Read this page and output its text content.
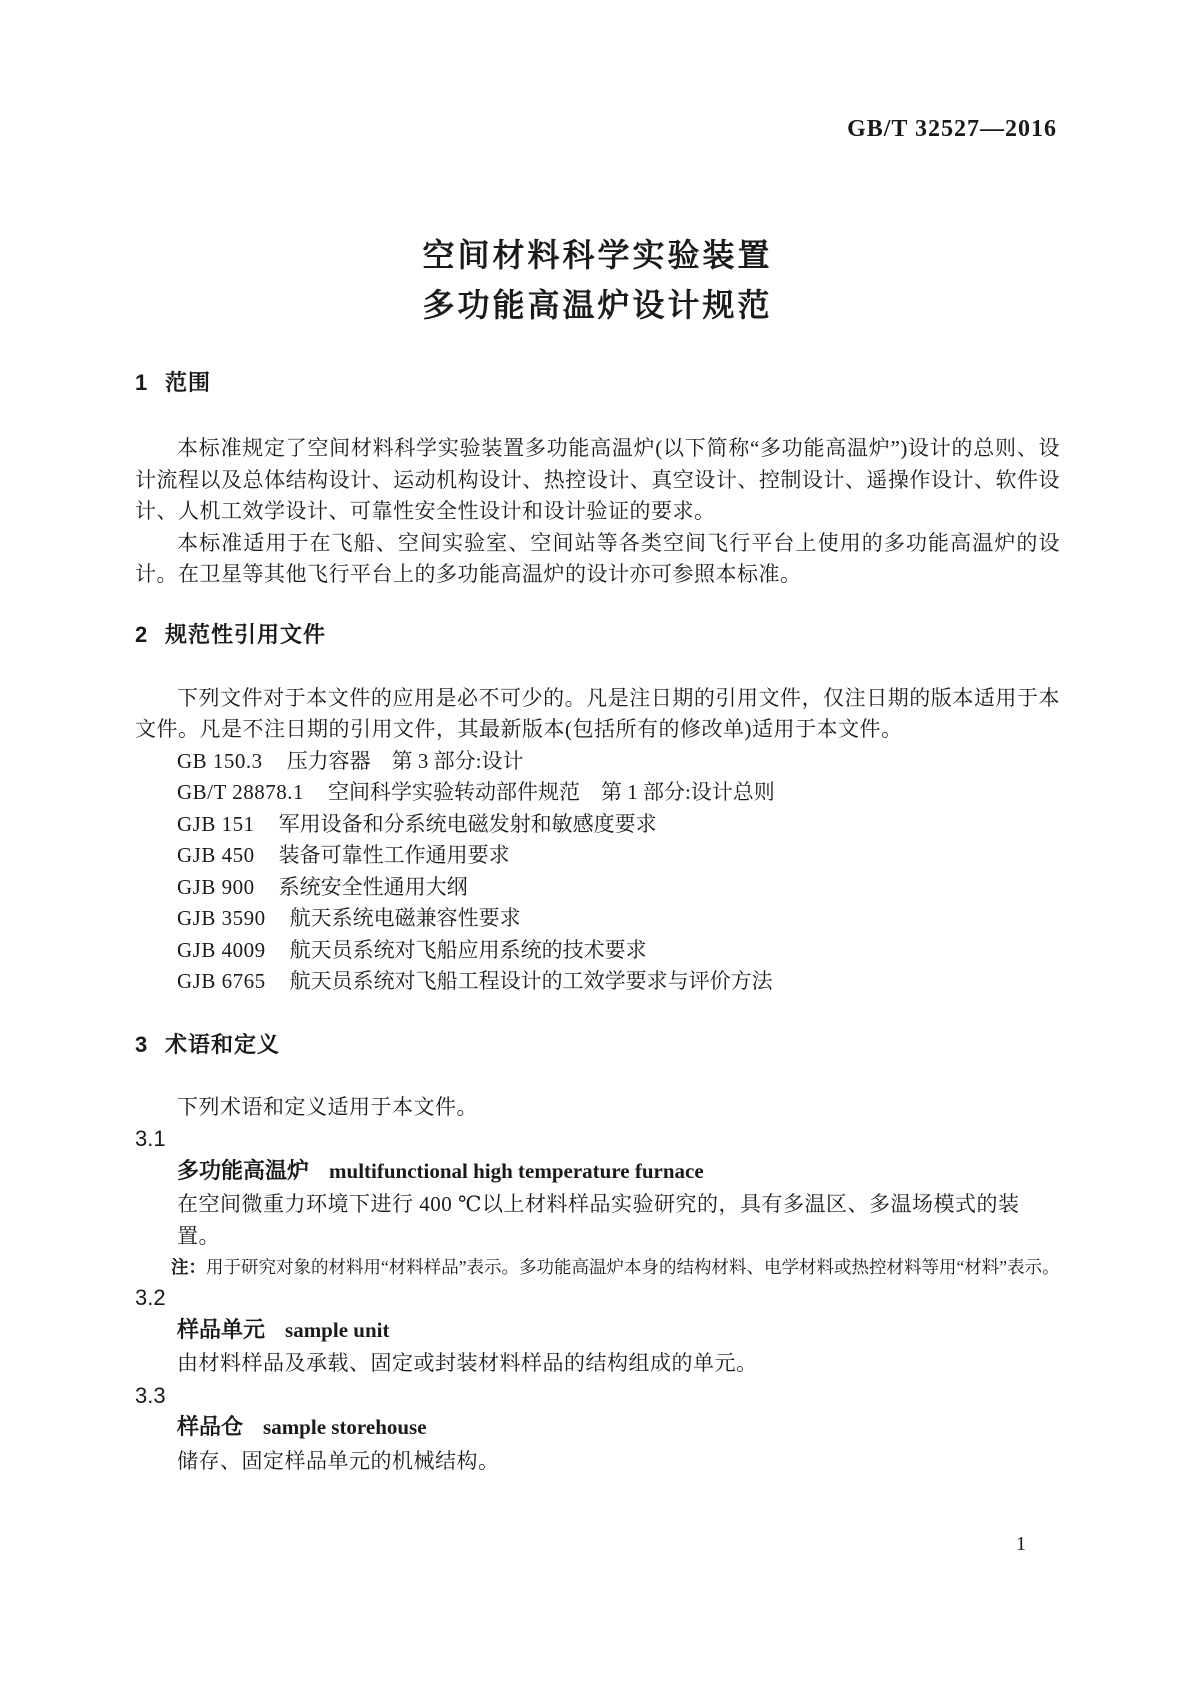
GB/T 32527—2016
空间材料科学实验装置
多功能高温炉设计规范
1 范围

本标准规定了空间材料科学实验装置多功能高温炉(以下简称“多功能高温炉”)设计的总则、设计流程以及总体结构设计、运动机构设计、热控设计、真空设计、控制设计、遥操作设计、软件设计、人机工效学设计、可靠性安全性设计和设计验证的要求。

本标准适用于在飞船、空间实验室、空间站等各类空间飞行平台上使用的多功能高温炉的设计。在卫星等其他飞行平台上的多功能高温炉的设计亦可参照本标准。

2 规范性引用文件

下列文件对于本文件的应用是必不可少的。凡是注日期的引用文件，仅注日期的版本适用于本文件。凡是不注日期的引用文件，其最新版本(包括所有的修改单)适用于本文件。

GB 150.3 压力容器　第 3 部分:设计
GB/T 28878.1 空间科学实验转动部件规范　第 1 部分:设计总则
GJB 151 军用设备和分系统电磁发射和敏感度要求
GJB 450 装备可靠性工作通用要求
GJB 900 系统安全性通用大纲
GJB 3590 航天系统电磁兼容性要求
GJB 4009 航天员系统对飞船应用系统的技术要求
GJB 6765 航天员系统对飞船工程设计的工效学要求与评价方法
3 术语和定义

下列术语和定义适用于本文件。

3.1

多功能高温炉 multifunctional high temperature furnace

在空间微重力环境下进行 400 ℃以上材料样品实验研究的，具有多温区、多温场模式的装置。

注：用于研究对象的材料用“材料样品”表示。多功能高温炉本身的结构材料、电学材料或热控材料等用“材料”表示。

3.2

样品单元 sample unit

由材料样品及承载、固定或封装材料样品的结构组成的单元。

3.3

样品仓 sample storehouse

储存、固定样品单元的机械结构。

1
